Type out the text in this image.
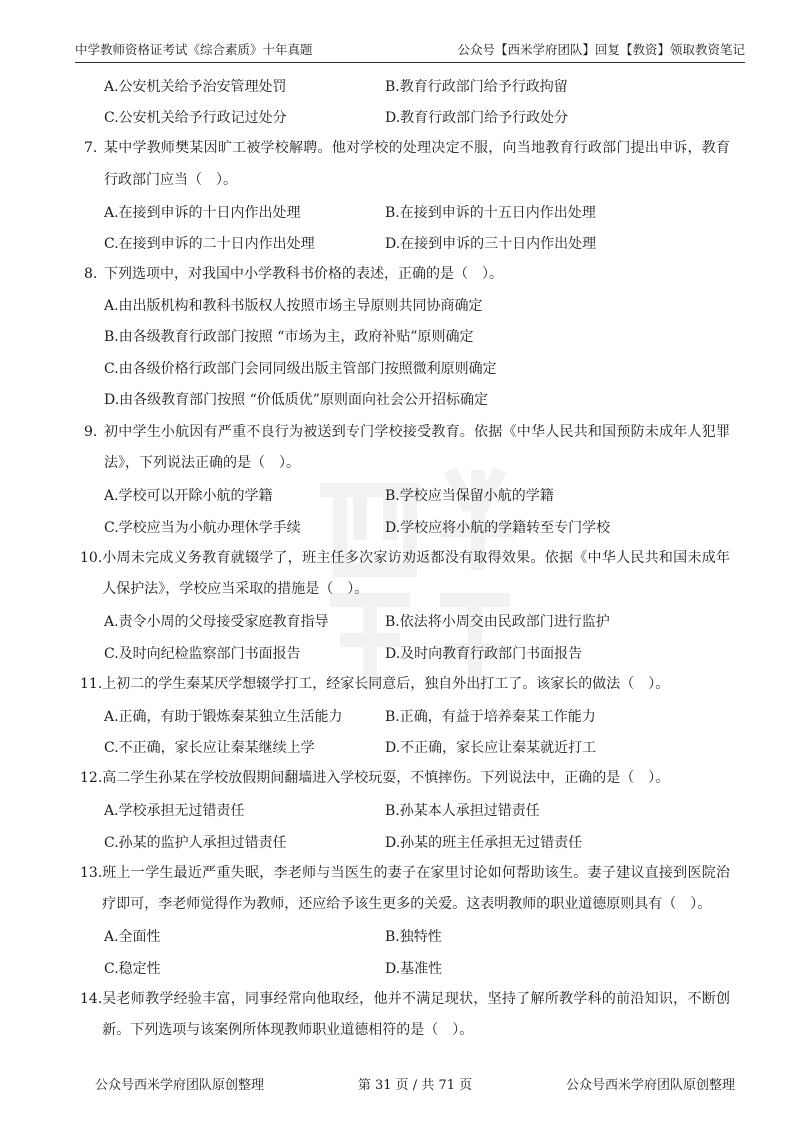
中学教师资格证考试《综合素质》十年真题	公众号【西米学府团队】回复【教资】领取教资笔记
A.公安机关给予治安管理处罚	B.教育行政部门给予行政拘留
C.公安机关给予行政记过处分	D.教育行政部门给予行政处分
7. 某中学教师樊某因旷工被学校解聘。他对学校的处理决定不服，向当地教育行政部门提出申诉，教育行政部门应当（　）。
A.在接到申诉的十日内作出处理	B.在接到申诉的十五日内作出处理
C.在接到申诉的二十日内作出处理	D.在接到申诉的三十日内作出处理
8. 下列选项中，对我国中小学教科书价格的表述，正确的是（　）。
A.由出版机构和教科书版权人按照市场主导原则共同协商确定
B.由各级教育行政部门按照 “市场为主，政府补贴”原则确定
C.由各级价格行政部门会同同级出版主管部门按照微利原则确定
D.由各级教育部门按照 “价低质优”原则面向社会公开招标确定
9. 初中学生小航因有严重不良行为被送到专门学校接受教育。依据《中华人民共和国预防未成年人犯罪法》，下列说法正确的是（　）。
A.学校可以开除小航的学籍	B.学校应当保留小航的学籍
C.学校应当为小航办理休学手续	D.学校应将小航的学籍转至专门学校
10. 小周未完成义务教育就辍学了，班主任多次家访劝返都没有取得效果。依据《中华人民共和国未成年人保护法》，学校应当采取的措施是（　）。
A.责令小周的父母接受家庭教育指导	B.依法将小周交由民政部门进行监护
C.及时向纪检监察部门书面报告	D.及时向教育行政部门书面报告
11. 上初二的学生秦某厌学想辍学打工，经家长同意后，独自外出打工了。该家长的做法（　）。
A.正确，有助于锻炼秦某独立生活能力	B.正确，有益于培养秦某工作能力
C.不正确，家长应让秦某继续上学	D.不正确，家长应让秦某就近打工
12. 高二学生孙某在学校放假期间翻墙进入学校玩耍，不慎摔伤。下列说法中，正确的是（　）。
A.学校承担无过错责任	B.孙某本人承担过错责任
C.孙某的监护人承担过错责任	D.孙某的班主任承担无过错责任
13. 班上一学生最近严重失眠，李老师与当医生的妻子在家里讨论如何帮助该生。妻子建议直接到医院治疗即可，李老师觉得作为教师，还应给予该生更多的关爱。这表明教师的职业道德原则具有（　）。
A.全面性	B.独特性
C.稳定性	D.基准性
14. 吴老师教学经验丰富，同事经常向他取经，他并不满足现状，坚持了解所教学科的前沿知识，不断创新。下列选项与该案例所体现教师职业道德相符的是（　）。
公众号西米学府团队原创整理	第 31 页 / 共 71 页	公众号西米学府团队原创整理
